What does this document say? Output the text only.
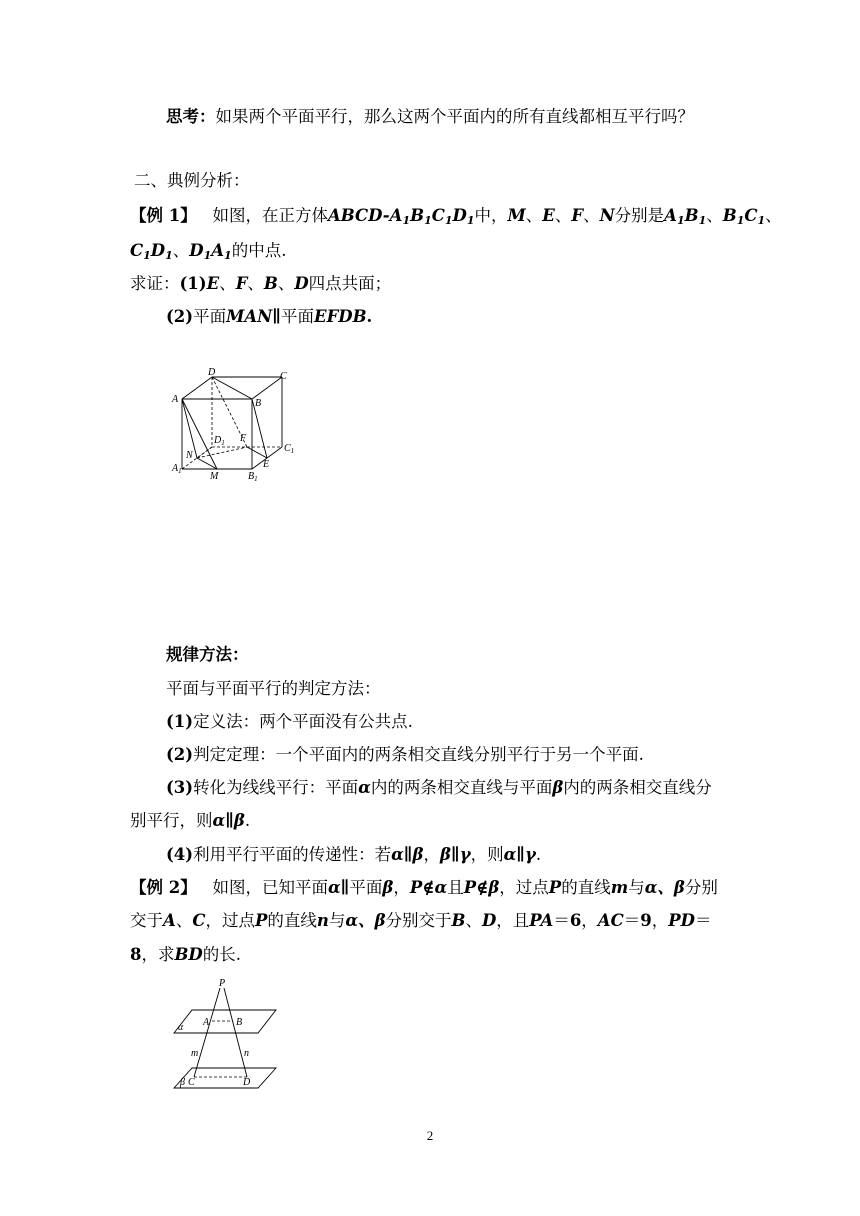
思考：如果两个平面平行，那么这两个平面内的所有直线都相互平行吗？
二、典例分析：
【例 1】 如图，在正方体ABCD-$A_1B_1C_1D_1$中，M、E、F、N分别是$A_1B_1$、$B_1C_1$、
$C_1D_1$、$D_1A_1$的中点.
求证：(1)E、F、B、D四点共面；
(2)平面MAN∥平面EFDB.
D	C
A	B
$D_1$ F
N
$C_1$
E
$A_1$	M	$B_1$
规律方法：
平面与平面平行的判定方法：
(1)定义法：两个平面没有公共点.
(2)判定定理：一个平面内的两条相交直线分别平行于另一个平面.
(3)转化为线线平行：平面α内的两条相交直线与平面β内的两条相交直线分
别平行，则α∥β.
(4)利用平行平面的传递性：若α∥β，β∥γ，则α∥γ.
【例 2】 如图，已知平面α∥平面β，P∉α且P∉β，过点P的直线m与α、β分别
交于A、C，过点P的直线n与α、β分别交于B、D，且PA＝6，AC＝9，PD＝
8，求BD的长.
P
A	B
α
m	n
β C	D
2
